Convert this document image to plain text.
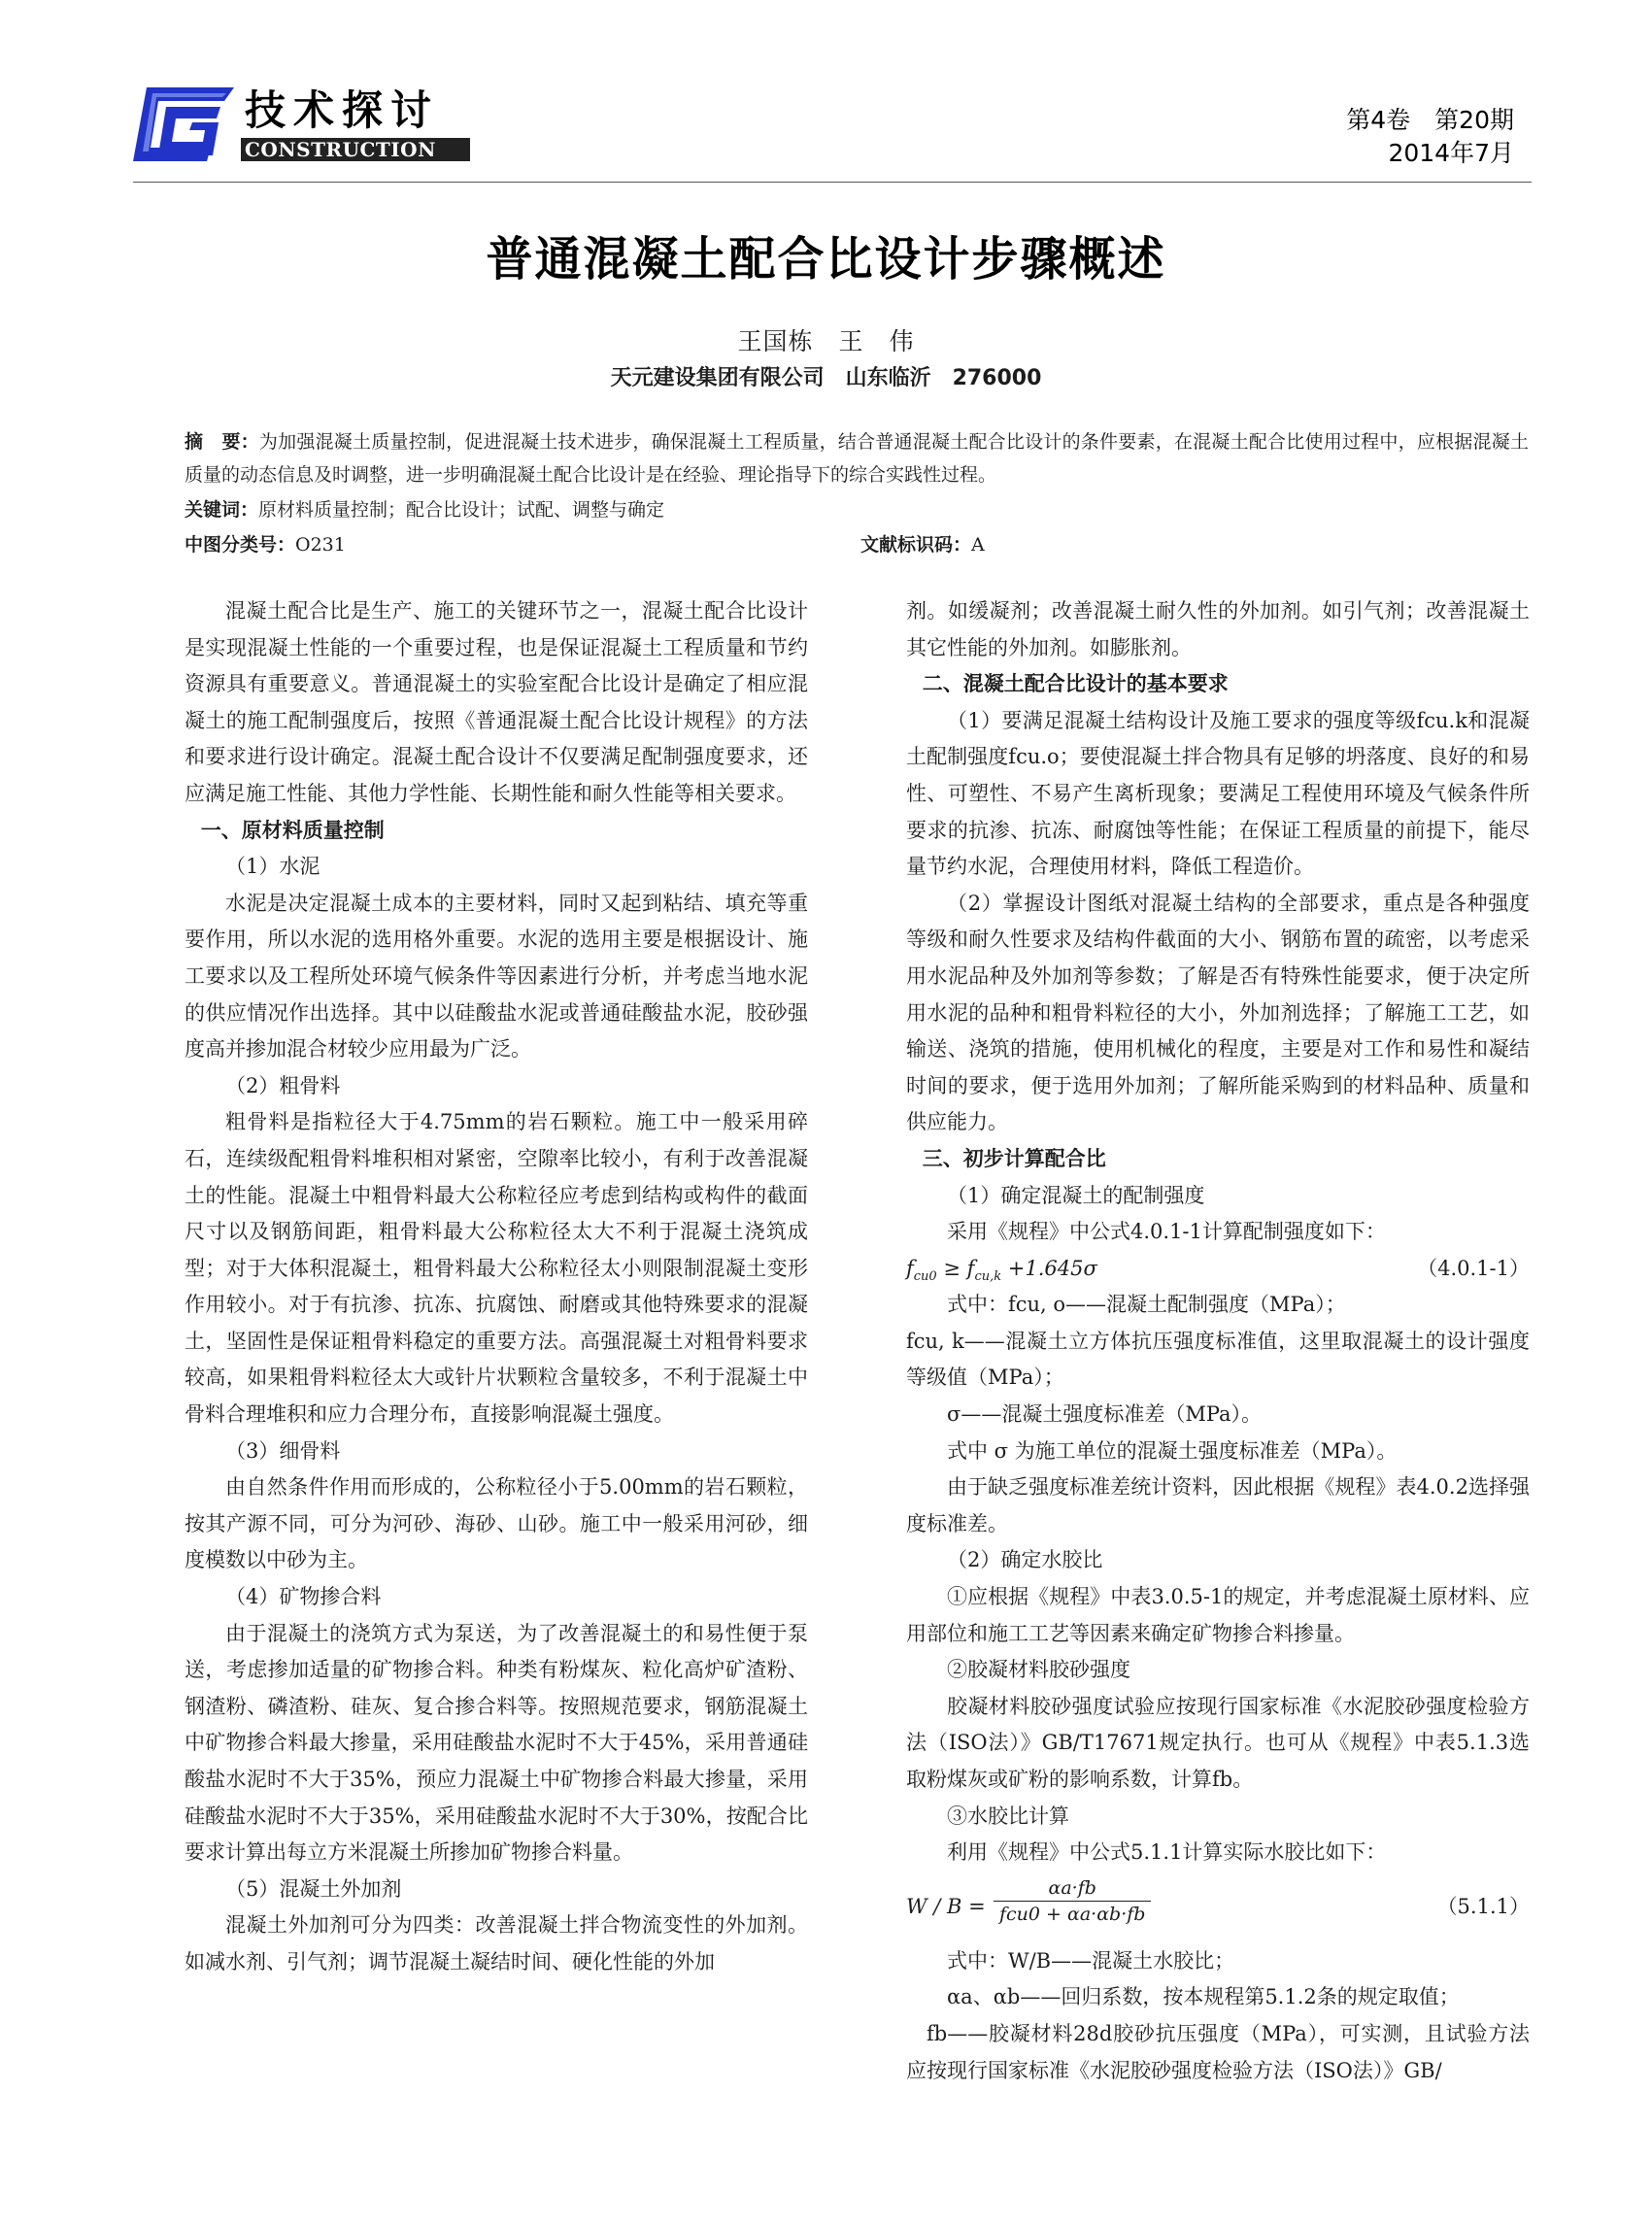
技术探讨
CONSTRUCTION
第4卷　第20期
2014年7月
普通混凝土配合比设计步骤概述
王国栋　王　伟
天元建设集团有限公司　山东临沂　276000
摘　要：为加强混凝土质量控制，促进混凝土技术进步，确保混凝土工程质量，结合普通混凝土配合比设计的条件要素，在混凝土配合比使用过程中，应根据混凝土质量的动态信息及时调整，进一步明确混凝土配合比设计是在经验、理论指导下的综合实践性过程。
关键词：原材料质量控制；配合比设计；试配、调整与确定
中图分类号：O231	文献标识码：A

混凝土配合比是生产、施工的关键环节之一，混凝土配合比设计是实现混凝土性能的一个重要过程，也是保证混凝土工程质量和节约资源具有重要意义。普通混凝土的实验室配合比设计是确定了相应混凝土的施工配制强度后，按照《普通混凝土配合比设计规程》的方法和要求进行设计确定。混凝土配合设计不仅要满足配制强度要求，还应满足施工性能、其他力学性能、长期性能和耐久性能等相关要求。

一、原材料质量控制

（1）水泥

水泥是决定混凝土成本的主要材料，同时又起到粘结、填充等重要作用，所以水泥的选用格外重要。水泥的选用主要是根据设计、施工要求以及工程所处环境气候条件等因素进行分析，并考虑当地水泥的供应情况作出选择。其中以硅酸盐水泥或普通硅酸盐水泥，胶砂强度高并掺加混合材较少应用最为广泛。

（2）粗骨料

粗骨料是指粒径大于4.75mm的岩石颗粒。施工中一般采用碎石，连续级配粗骨料堆积相对紧密，空隙率比较小，有利于改善混凝土的性能。混凝土中粗骨料最大公称粒径应考虑到结构或构件的截面尺寸以及钢筋间距，粗骨料最大公称粒径太大不利于混凝土浇筑成型；对于大体积混凝土，粗骨料最大公称粒径太小则限制混凝土变形作用较小。对于有抗渗、抗冻、抗腐蚀、耐磨或其他特殊要求的混凝土，坚固性是保证粗骨料稳定的重要方法。高强混凝土对粗骨料要求较高，如果粗骨料粒径太大或针片状颗粒含量较多，不利于混凝土中骨料合理堆积和应力合理分布，直接影响混凝土强度。

（3）细骨料

由自然条件作用而形成的，公称粒径小于5.00mm的岩石颗粒，按其产源不同，可分为河砂、海砂、山砂。施工中一般采用河砂，细度模数以中砂为主。

（4）矿物掺合料

由于混凝土的浇筑方式为泵送，为了改善混凝土的和易性便于泵送，考虑掺加适量的矿物掺合料。种类有粉煤灰、粒化高炉矿渣粉、钢渣粉、磷渣粉、硅灰、复合掺合料等。按照规范要求，钢筋混凝土中矿物掺合料最大掺量，采用硅酸盐水泥时不大于45%，采用普通硅酸盐水泥时不大于35%，预应力混凝土中矿物掺合料最大掺量，采用硅酸盐水泥时不大于35%，采用硅酸盐水泥时不大于30%，按配合比要求计算出每立方米混凝土所掺加矿物掺合料量。

（5）混凝土外加剂

混凝土外加剂可分为四类：改善混凝土拌合物流变性的外加剂。如减水剂、引气剂；调节混凝土凝结时间、硬化性能的外加

剂。如缓凝剂；改善混凝土耐久性的外加剂。如引气剂；改善混凝土其它性能的外加剂。如膨胀剂。

二、混凝土配合比设计的基本要求

（1）要满足混凝土结构设计及施工要求的强度等级fcu.k和混凝土配制强度fcu.o；要使混凝土拌合物具有足够的坍落度、良好的和易性、可塑性、不易产生离析现象；要满足工程使用环境及气候条件所要求的抗渗、抗冻、耐腐蚀等性能；在保证工程质量的前提下，能尽量节约水泥，合理使用材料，降低工程造价。

（2）掌握设计图纸对混凝土结构的全部要求，重点是各种强度等级和耐久性要求及结构件截面的大小、钢筋布置的疏密，以考虑采用水泥品种及外加剂等参数；了解是否有特殊性能要求，便于决定所用水泥的品种和粗骨料粒径的大小，外加剂选择；了解施工工艺，如输送、浇筑的措施，使用机械化的程度，主要是对工作和易性和凝结时间的要求，便于选用外加剂；了解所能采购到的材料品种、质量和供应能力。

三、初步计算配合比

（1）确定混凝土的配制强度

采用《规程》中公式4.0.1-1计算配制强度如下：

$f_{cu0} \ge f_{cu,k} +1.645\sigma$	（4.0.1-1）

式中：fcu, o——混凝土配制强度（MPa）；

fcu, k——混凝土立方体抗压强度标准值，这里取混凝土的设计强度等级值（MPa）；

σ——混凝土强度标准差（MPa）。

式中 σ 为施工单位的混凝土强度标准差（MPa）。

由于缺乏强度标准差统计资料，因此根据《规程》表4.0.2选择强度标准差。

（2）确定水胶比

①应根据《规程》中表3.0.5-1的规定，并考虑混凝土原材料、应用部位和施工工艺等因素来确定矿物掺合料掺量。

②胶凝材料胶砂强度

胶凝材料胶砂强度试验应按现行国家标准《水泥胶砂强度检验方法（ISO法）》GB/T17671规定执行。也可从《规程》中表5.1.3选取粉煤灰或矿粉的影响系数，计算fb。

③水胶比计算

利用《规程》中公式5.1.1计算实际水胶比如下：

W / B =
αa·fb
fcu0 + αa·αb·fb	（5.1.1）

式中：W/B——混凝土水胶比；

αa、αb——回归系数，按本规程第5.1.2条的规定取值；

fb——胶凝材料28d胶砂抗压强度（MPa），可实测，且试验方法应按现行国家标准《水泥胶砂强度检验方法（ISO法）》GB/
